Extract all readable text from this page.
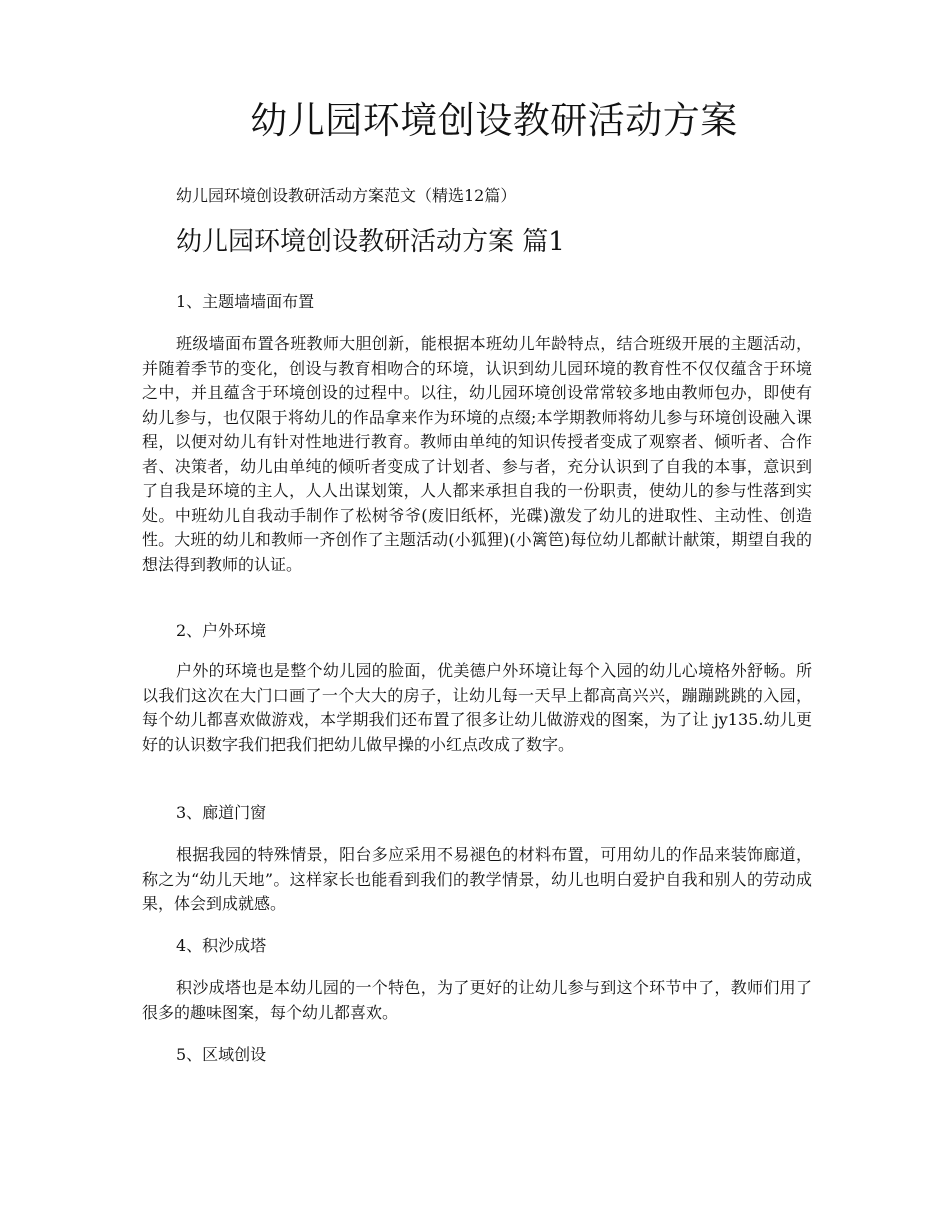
幼儿园环境创设教研活动方案

幼儿园环境创设教研活动方案范文（精选12篇）

幼儿园环境创设教研活动方案 篇1
1、主题墙墙面布置

班级墙面布置各班教师大胆创新，能根据本班幼儿年龄特点，结合班级开展的主题活动，并随着季节的变化，创设与教育相吻合的环境，认识到幼儿园环境的教育性不仅仅蕴含于环境之中，并且蕴含于环境创设的过程中。以往，幼儿园环境创设常常较多地由教师包办，即使有幼儿参与，也仅限于将幼儿的作品拿来作为环境的点缀;本学期教师将幼儿参与环境创设融入课程，以便对幼儿有针对性地进行教育。教师由单纯的知识传授者变成了观察者、倾听者、合作者、决策者，幼儿由单纯的倾听者变成了计划者、参与者，充分认识到了自我的本事，意识到了自我是环境的主人，人人出谋划策，人人都来承担自我的一份职责，使幼儿的参与性落到实处。中班幼儿自我动手制作了松树爷爷(废旧纸杯，光碟)激发了幼儿的进取性、主动性、创造性。大班的幼儿和教师一齐创作了主题活动(小狐狸)(小篱笆)每位幼儿都献计献策，期望自我的想法得到教师的认证。

2、户外环境

户外的环境也是整个幼儿园的脸面，优美德户外环境让每个入园的幼儿心境格外舒畅。所以我们这次在大门口画了一个大大的房子，让幼儿每一天早上都高高兴兴，蹦蹦跳跳的入园，每个幼儿都喜欢做游戏，本学期我们还布置了很多让幼儿做游戏的图案，为了让 jy135.幼儿更好的认识数字我们把我们把幼儿做早操的小红点改成了数字。

3、廊道门窗

根据我园的特殊情景，阳台多应采用不易褪色的材料布置，可用幼儿的作品来装饰廊道，称之为“幼儿天地”。这样家长也能看到我们的教学情景，幼儿也明白爱护自我和别人的劳动成果，体会到成就感。

4、积沙成塔

积沙成塔也是本幼儿园的一个特色，为了更好的让幼儿参与到这个环节中了，教师们用了很多的趣味图案，每个幼儿都喜欢。

5、区域创设
